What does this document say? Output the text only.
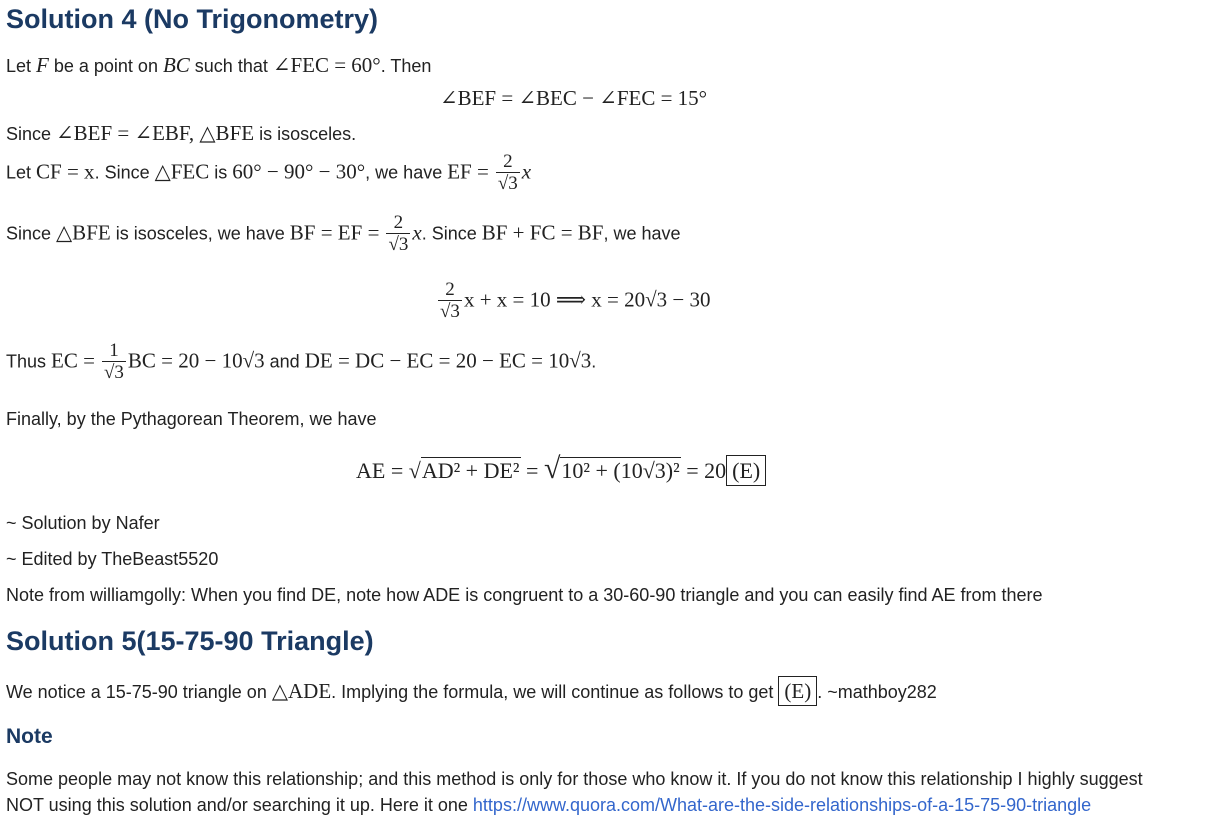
Solution 4 (No Trigonometry)
Let F be a point on BC such that ∠FEC = 60°. Then
∠BEF = ∠BEC − ∠FEC = 15°
Since ∠BEF = ∠EBF, △BFE is isosceles.
Let CF = x. Since △FEC is 60° − 90° − 30°, we have EF = $\frac{2}{√3}$ x
Since △BFE is isosceles, we have BF = EF = $\frac{2}{√3} x$. Since BF + FC = BF, we have
$\frac{2}{√3}$ x + x = 10 ⟹ x = 20√3 − 30
Thus EC = $\frac{1}{√3}$ BC = 20 − 10√3 and DE = DC − EC = 20 − EC = 10√3.
Finally, by the Pythagorean Theorem, we have
AE = √AD² + DE² = √10² + (10√3)² = 20 (E)
~ Solution by Nafer
~ Edited by TheBeast5520
Note from williamgolly: When you find DE, note how ADE is congruent to a 30-60-90 triangle and you can easily find AE from there
Solution 5(15-75-90 Triangle)
We notice a 15-75-90 triangle on △ADE. Implying the formula, we will continue as follows to get (E) . ~mathboy282
Note
Some people may not know this relationship; and this method is only for those who know it. If you do not know this relationship I highly suggest
NOT using this solution and/or searching it up. Here it one https://www.quora.com/What-are-the-side-relationships-of-a-15-75-90-triangle
